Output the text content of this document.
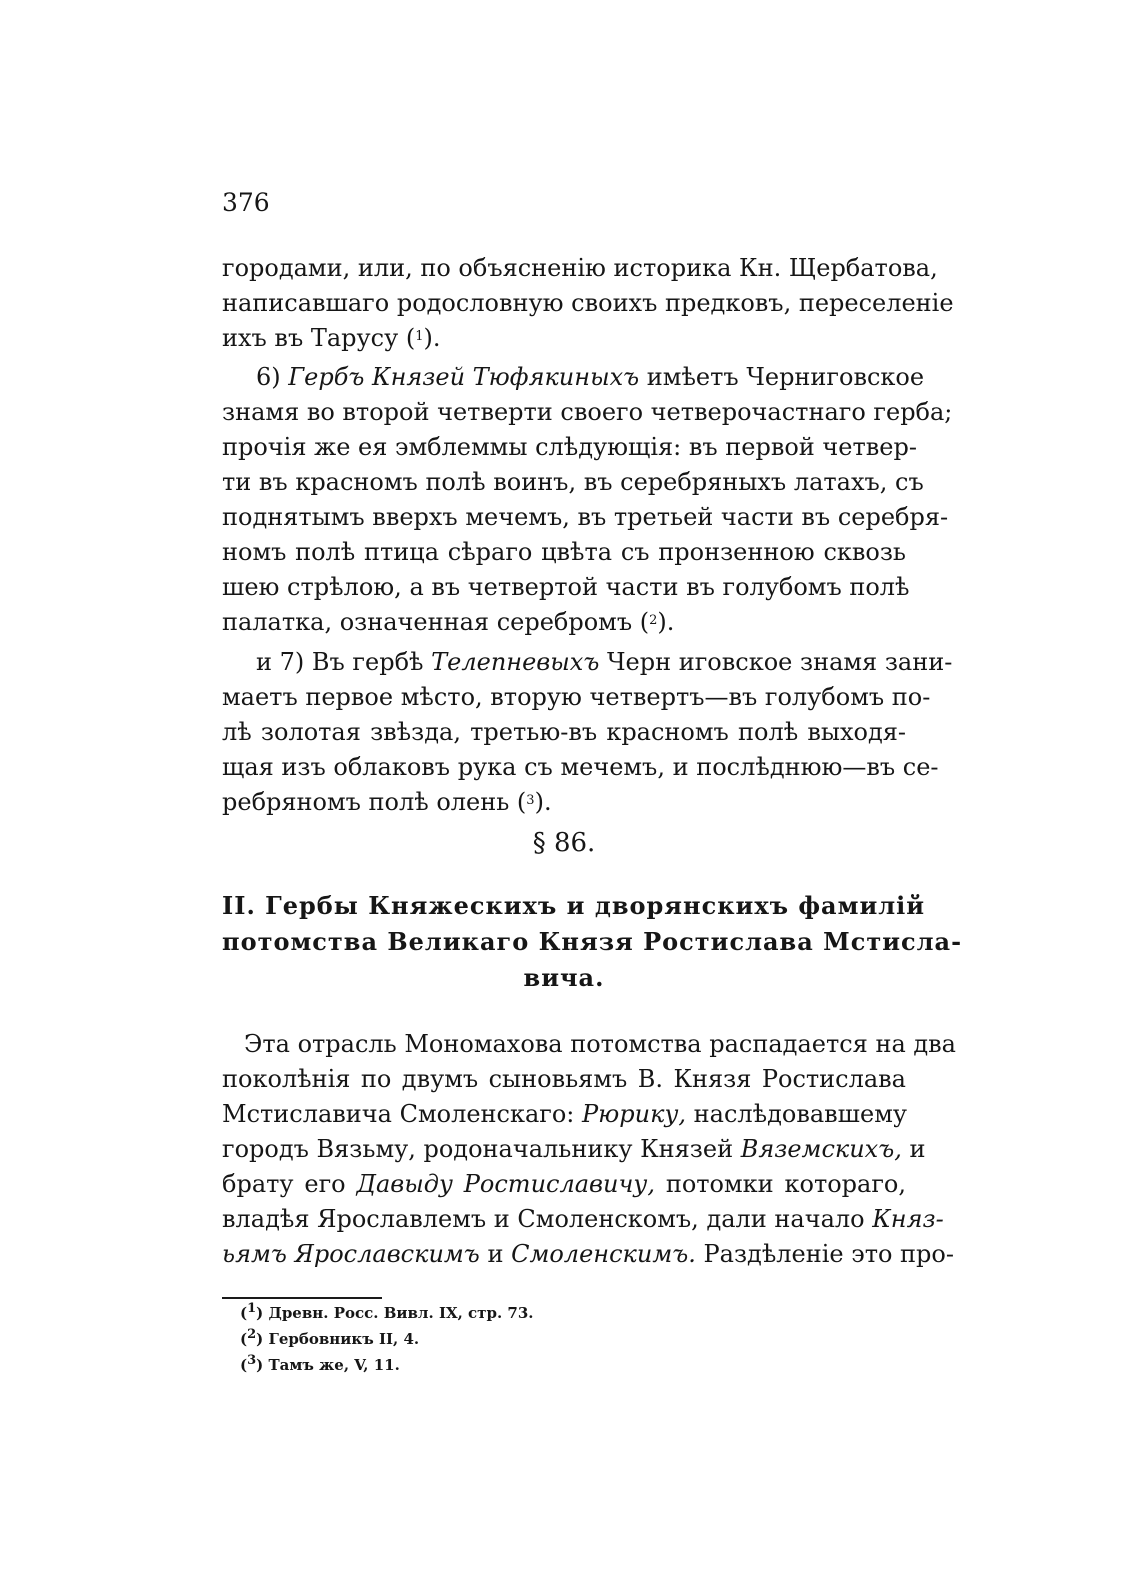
376
городами, или, по объясненію историка Кн. Щербатова,
написавшаго родословную своихъ предковъ, переселеніе
ихъ въ Тарусу ($^1$).
6) Гербъ Князей Тюфякиныхъ имѣетъ Черниговское
знамя во второй четверти своего четверочастнаго герба;
прочія же ея эмблеммы слѣдующія: въ первой четвер-
ти въ красномъ полѣ воинъ, въ серебряныхъ латахъ, съ
поднятымъ вверхъ мечемъ, въ третьей части въ серебря-
номъ полѣ птица сѣраго цвѣта съ пронзенною сквозь
шею стрѣлою, а въ четвертой части въ голубомъ полѣ
палатка, означенная серебромъ ($^2$).
и 7) Въ гербѣ Телепневыхъ Черн иговское знамя зани-
маетъ первое мѣсто, вторую четвертъ—въ голубомъ по-
лѣ золотая звѣзда, третью-въ красномъ полѣ выходя-
щая изъ облаковъ рука съ мечемъ, и послѣднюю—въ се-
ребряномъ полѣ олень ($^3$).
§ 86.
II. Гербы Княжескихъ и дворянскихъ фамилій
потомства Великаго Князя Ростислава Мстисла-
вича.
Эта отрасль Мономахова потомства распадается на два
поколѣнія по двумъ сыновьямъ В. Князя Ростислава
Мстиславича Смоленскаго: Рюрику, наслѣдовавшему
городъ Вязьму, родоначальнику Князей Вяземскихъ, и
брату его Давыду Ростиславичу, потомки котораго,
владѣя Ярославлемъ и Смоленскомъ, дали начало Княз-
ьямъ Ярославскимъ и Смоленскимъ. Раздѣленіе это про-
($^1$) Древн. Росс. Вивл. IX, стр. 73.
($^2$) Гербовникъ II, 4.
($^3$) Тамъ же, V, 11.
